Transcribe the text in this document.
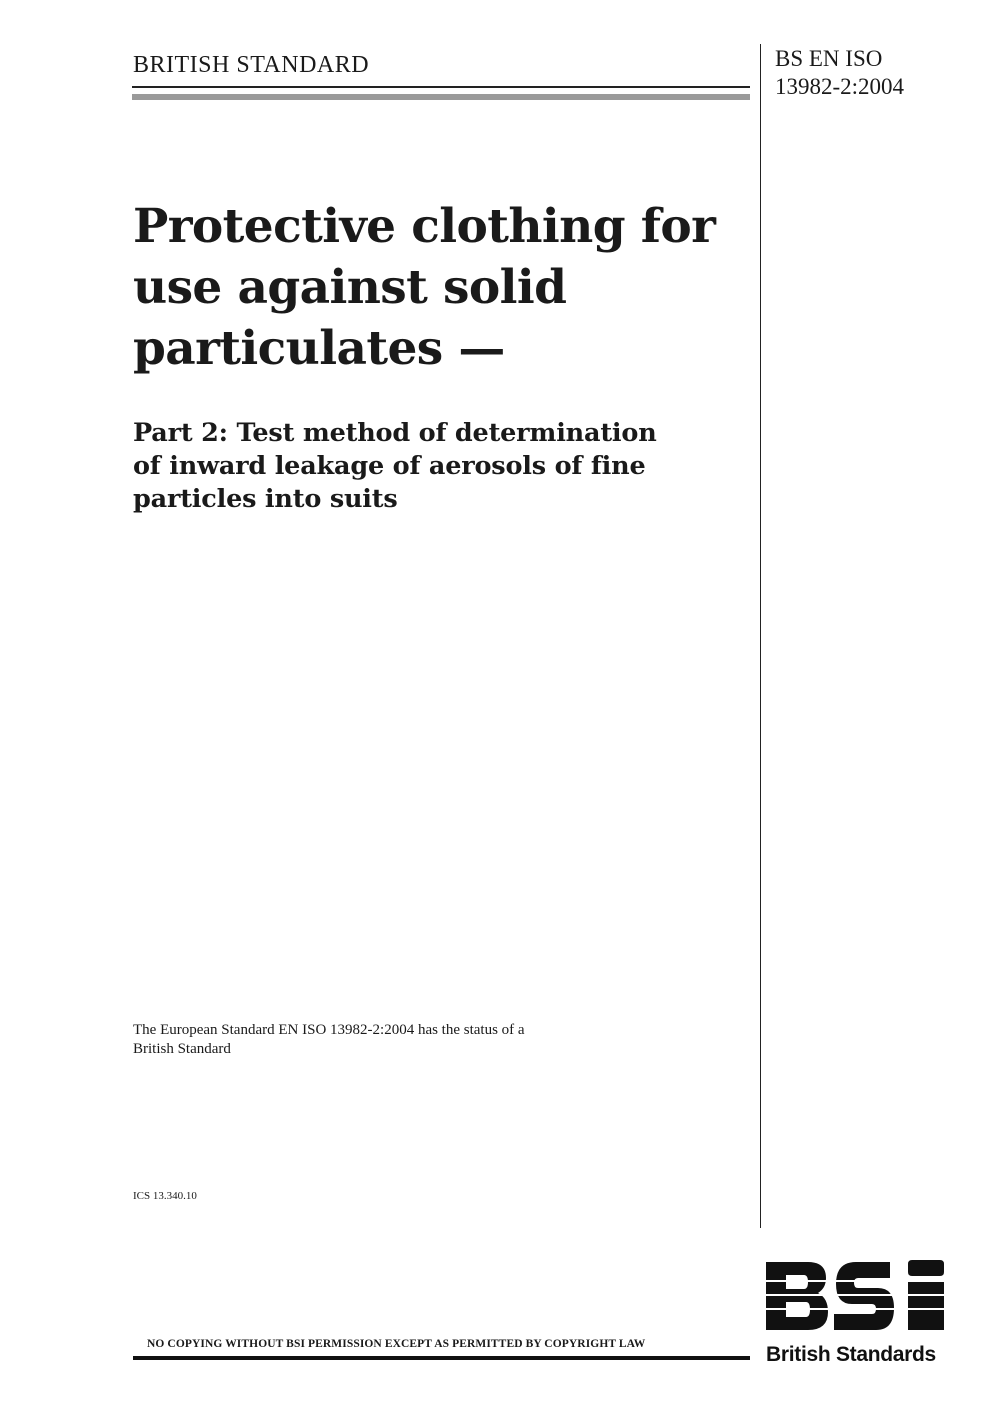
BRITISH STANDARD	BS EN ISO
13982-2:2004
Protective clothing for
use against solid
particulates —
Part 2: Test method of determination
of inward leakage of aerosols of fine
particles into suits
The European Standard EN ISO 13982-2:2004 has the status of a
British Standard
ICS 13.340.10
NO COPYING WITHOUT BSI PERMISSION EXCEPT AS PERMITTED BY COPYRIGHT LAW	British Standards
